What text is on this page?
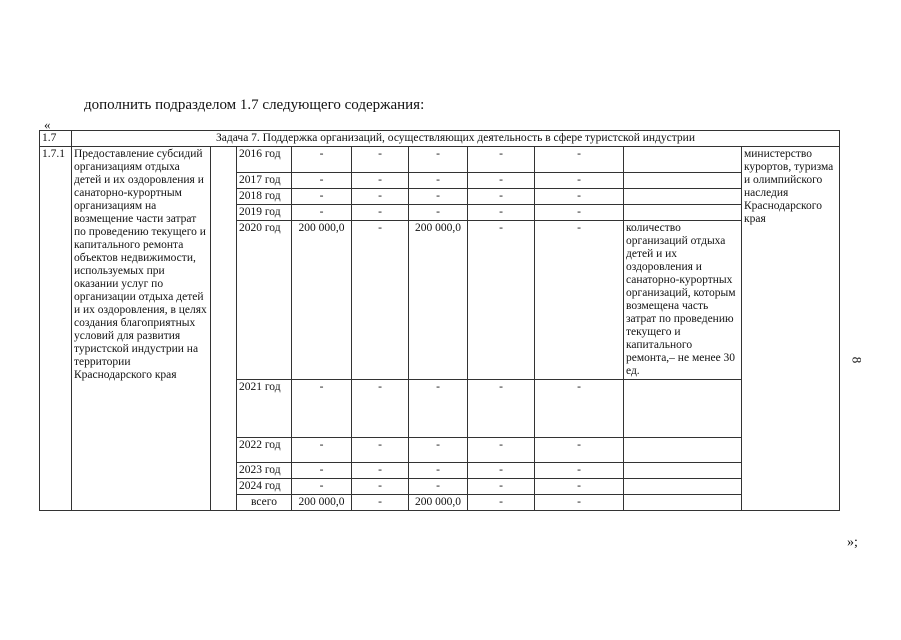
дополнить подразделом 1.7 следующего содержания:
«
8
»;
1.7	Задача 7. Поддержка организаций, осуществляющих деятельность в сфере туристской индустрии									
1.7.1	Предоставление субсидий организациям отдыха детей и их оздоровления и санаторно-курортным организациям на возмещение части затрат по проведению текущего и капитального ремонта объектов недвижимости, используемых при оказании услуг по организации отдыха детей и их оздоровления, в целях создания благоприятных условий для развития туристской индустрии на территории Краснодарского края		2016 год	-	-	-	-	-		министерство курортов, туризма и олимпийского наследия Краснодарского края
			2017 год	-	-	-	-	-		
			2018 год	-	-	-	-	-		
			2019 год	-	-	-	-	-		
			2020 год	200 000,0	-	200 000,0	-	-	количество организаций отдыха детей и их оздоровления и санаторно-курортных организаций, которым возмещена часть затрат по проведению текущего и капитального ремонта,– не менее 30 ед.	
			2021 год	-	-	-	-	-		
			2022 год	-	-	-	-	-		
			2023 год	-	-	-	-	-		
			2024 год	-	-	-	-	-		
			всего	200 000,0	-	200 000,0	-	-		
